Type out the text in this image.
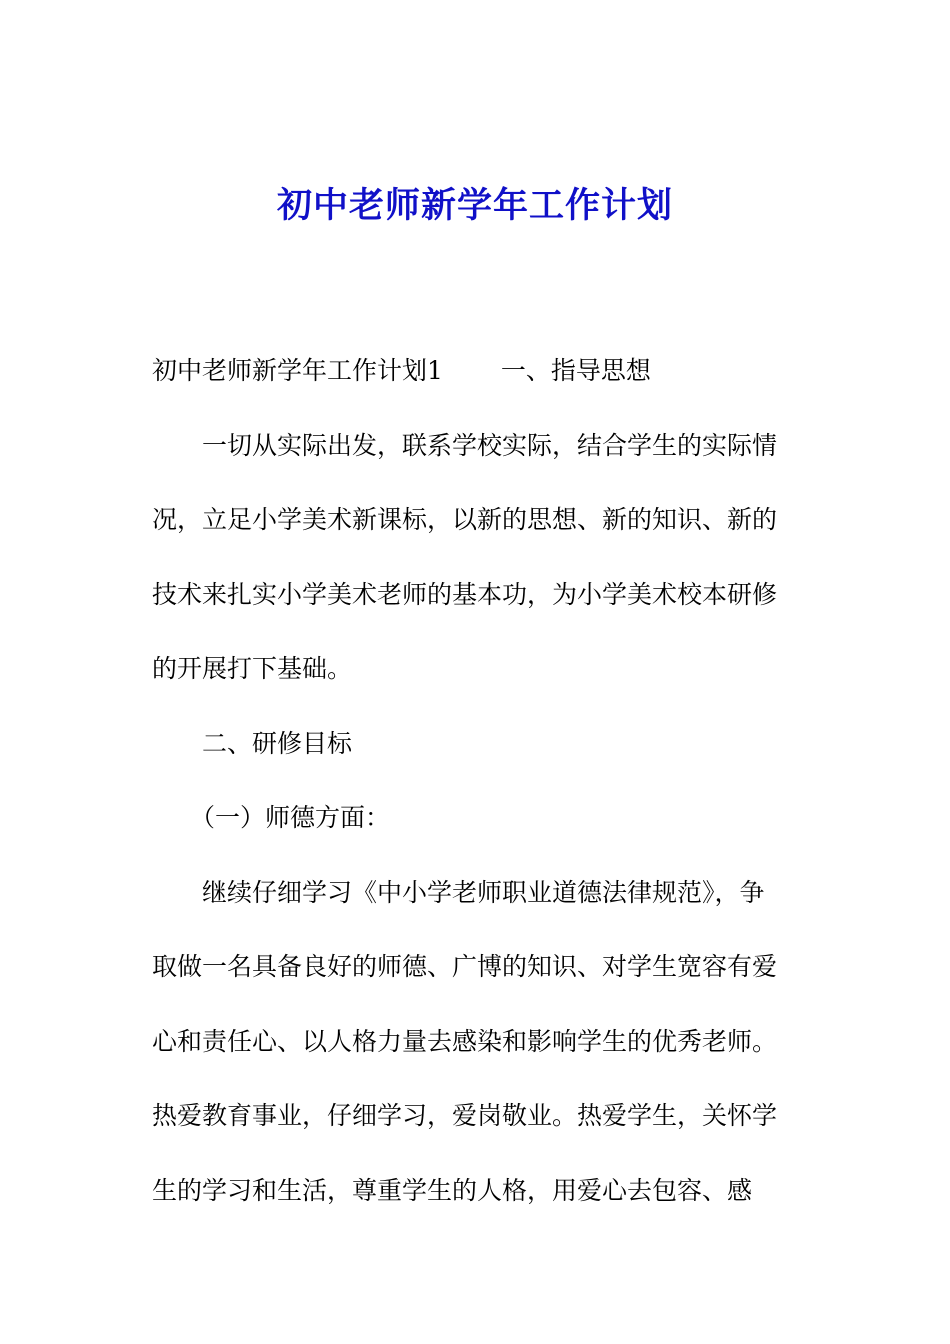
初中老师新学年工作计划
初中老师新学年工作计划1 一、指导思想
一切从实际出发，联系学校实际，结合学生的实际情
况，立足小学美术新课标，以新的思想、新的知识、新的
技术来扎实小学美术老师的基本功，为小学美术校本研修
的开展打下基础。
二、研修目标
（一）师德方面：
继续仔细学习《中小学老师职业道德法律规范》，争
取做一名具备良好的师德、广博的知识、对学生宽容有爱
心和责任心、以人格力量去感染和影响学生的优秀老师。
热爱教育事业，仔细学习，爱岗敬业。热爱学生，关怀学
生的学习和生活，尊重学生的人格，用爱心去包容、感
